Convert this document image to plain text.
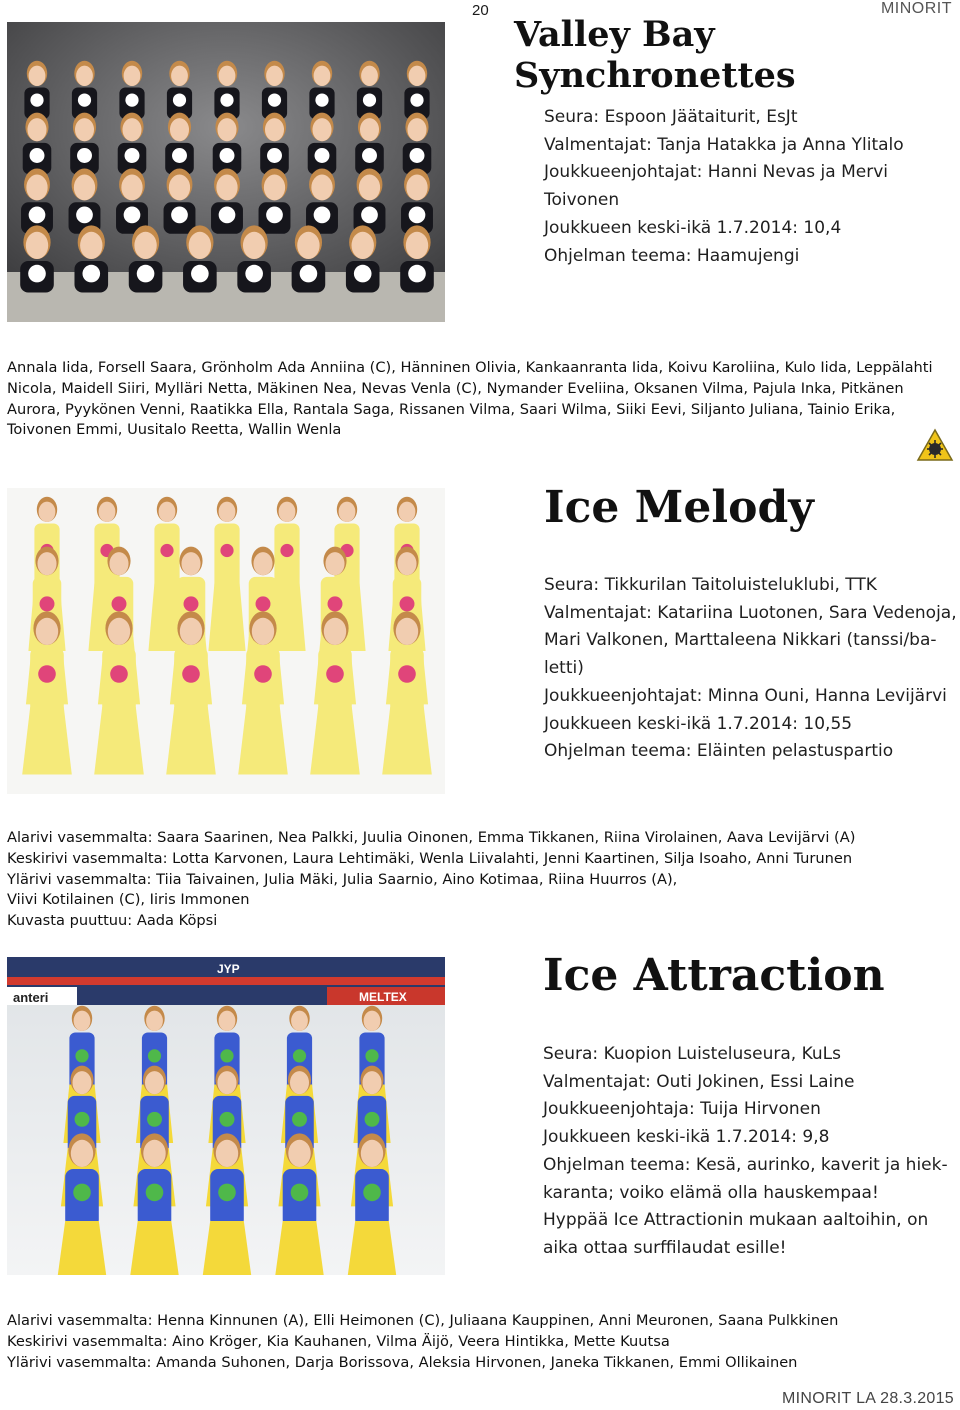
20	MINORIT
Valley Bay Synchronettes
Seura: Espoon Jäätaiturit, EsJt
Valmentajat: Tanja Hatakka ja Anna Ylitalo
Joukkueenjohtajat: Hanni Nevas ja Mervi
Toivonen
Joukkueen keski-ikä 1.7.2014: 10,4
Ohjelman teema: Haamujengi
Annala Iida, Forsell Saara, Grönholm Ada Anniina (C), Hänninen Olivia, Kankaanranta Iida, Koivu Karoliina, Kulo Iida, Leppälahti
Nicola, Maidell Siiri, Mylläri Netta, Mäkinen Nea, Nevas Venla (C), Nymander Eveliina, Oksanen Vilma, Pajula Inka, Pitkänen
Aurora, Pyykönen Venni, Raatikka Ella, Rantala Saga, Rissanen Vilma, Saari Wilma, Siiki Eevi, Siljanto Juliana, Tainio Erika,
Toivonen Emmi, Uusitalo Reetta, Wallin Wenla
Ice Melody
Seura: Tikkurilan Taitoluisteluklubi, TTK
Valmentajat: Katariina Luotonen, Sara Vedenoja,
Mari Valkonen, Marttaleena Nikkari (tanssi/ba-
letti)
Joukkueenjohtajat: Minna Ouni, Hanna Levijärvi
Joukkueen keski-ikä 1.7.2014: 10,55
Ohjelman teema: Eläinten pelastuspartio
Alarivi vasemmalta: Saara Saarinen, Nea Palkki, Juulia Oinonen, Emma Tikkanen, Riina Virolainen, Aava Levijärvi (A)
Keskirivi vasemmalta: Lotta Karvonen, Laura Lehtimäki, Wenla Liivalahti, Jenni Kaartinen, Silja Isoaho, Anni Turunen
Ylärivi vasemmalta: Tiia Taivainen, Julia Mäki, Julia Saarnio, Aino Kotimaa, Riina Huurros (A),
Viivi Kotilainen (C), Iiris Immonen
Kuvasta puuttuu: Aada Köpsi
anteri	MELTEX
JYP	Ice Attraction
Seura: Kuopion Luisteluseura, KuLs
Valmentajat: Outi Jokinen, Essi Laine
Joukkueenjohtaja: Tuija Hirvonen
Joukkueen keski-ikä 1.7.2014: 9,8
Ohjelman teema: Kesä, aurinko, kaverit ja hiek-
karanta; voiko elämä olla hauskempaa!
Hyppää Ice Attractionin mukaan aaltoihin, on
aika ottaa surffilaudat esille!
Alarivi vasemmalta: Henna Kinnunen (A), Elli Heimonen (C), Juliaana Kauppinen, Anni Meuronen, Saana Pulkkinen
Keskirivi vasemmalta: Aino Kröger, Kia Kauhanen, Vilma Äijö, Veera Hintikka, Mette Kuutsa
Ylärivi vasemmalta: Amanda Suhonen, Darja Borissova, Aleksia Hirvonen, Janeka Tikkanen, Emmi Ollikainen
MINORIT LA 28.3.2015
